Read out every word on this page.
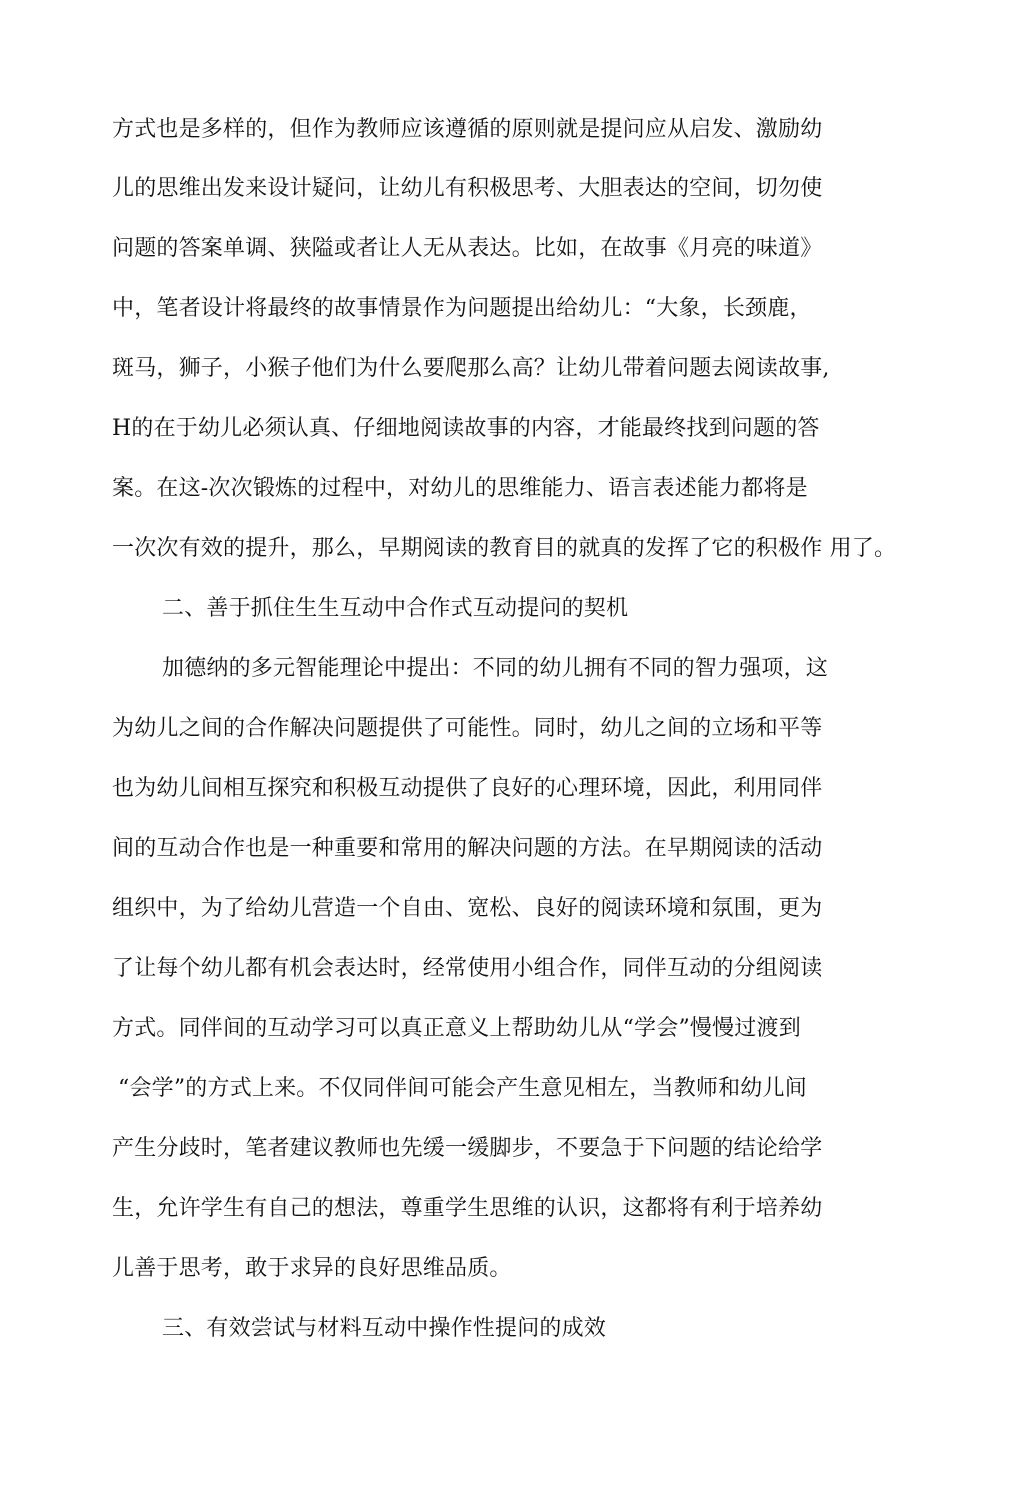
方式也是多样的，但作为教师应该遵循的原则就是提问应从启发、激励幼
儿的思维出发来设计疑问，让幼儿有积极思考、大胆表达的空间，切勿使
问题的答案单调、狭隘或者让人无从表达。比如，在故事《月亮的味道》
中，笔者设计将最终的故事情景作为问题提出给幼儿：“大象，长颈鹿，
斑马，狮子，小猴子他们为什么要爬那么高？让幼儿带着问题去阅读故事,
H的在于幼儿必须认真、仔细地阅读故事的内容，才能最终找到问题的答
案。在这-次次锻炼的过程中，对幼儿的思维能力、语言表述能力都将是
一次次有效的提升，那么，早期阅读的教育目的就真的发挥了它的积极作 用了。
二、善于抓住生生互动中合作式互动提问的契机
加德纳的多元智能理论中提出：不同的幼儿拥有不同的智力强项，这
为幼儿之间的合作解决问题提供了可能性。同时，幼儿之间的立场和平等
也为幼儿间相互探究和积极互动提供了良好的心理环境，因此，利用同伴
间的互动合作也是一种重要和常用的解决问题的方法。在早期阅读的活动
组织中，为了给幼儿营造一个自由、宽松、良好的阅读环境和氛围，更为
了让每个幼儿都有机会表达时，经常使用小组合作，同伴互动的分组阅读
方式。同伴间的互动学习可以真正意义上帮助幼儿从“学会”慢慢过渡到
“会学”的方式上来。不仅同伴间可能会产生意见相左，当教师和幼儿间
产生分歧时，笔者建议教师也先缓一缓脚步，不要急于下问题的结论给学
生，允许学生有自己的想法，尊重学生思维的认识，这都将有利于培养幼
儿善于思考，敢于求异的良好思维品质。
三、有效尝试与材料互动中操作性提问的成效
